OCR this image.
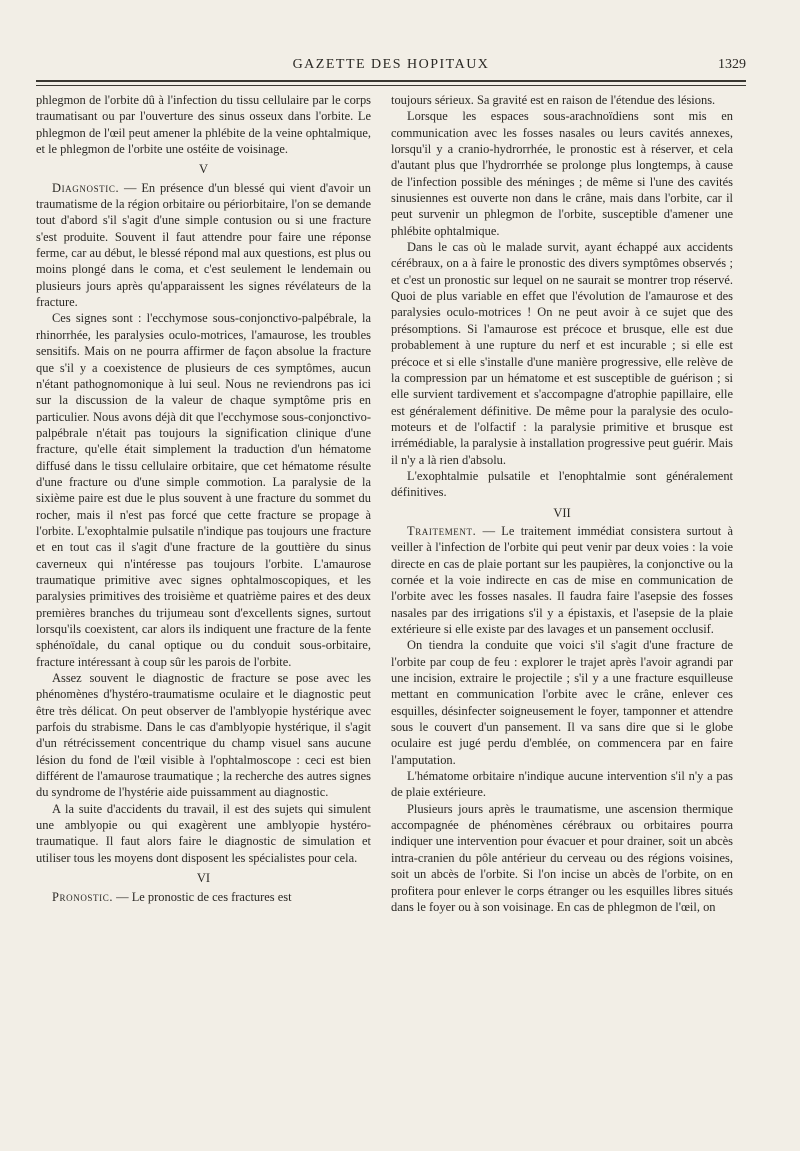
GAZETTE DES HOPITAUX	1329

phlegmon de l'orbite dû à l'infection du tissu cellulaire par le corps traumatisant ou par l'ouverture des sinus osseux dans l'orbite. Le phlegmon de l'œil peut amener la phlébite de la veine ophtalmique, et le phlegmon de l'orbite une ostéite de voisinage.

V

Diagnostic. — En présence d'un blessé qui vient d'avoir un traumatisme de la région orbitaire ou périorbitaire, l'on se demande tout d'abord s'il s'agit d'une simple contusion ou si une fracture s'est produite. Souvent il faut attendre pour faire une réponse ferme, car au début, le blessé répond mal aux questions, est plus ou moins plongé dans le coma, et c'est seulement le lendemain ou plusieurs jours après qu'apparaissent les signes révélateurs de la fracture.

Ces signes sont : l'ecchymose sous-conjonctivo-palpébrale, la rhinorrhée, les paralysies oculo-motrices, l'amaurose, les troubles sensitifs. Mais on ne pourra affirmer de façon absolue la fracture que s'il y a coexistence de plusieurs de ces symptômes, aucun n'étant pathognomonique à lui seul. Nous ne reviendrons pas ici sur la discussion de la valeur de chaque symptôme pris en particulier. Nous avons déjà dit que l'ecchymose sous-conjonctivo-palpébrale n'était pas toujours la signification clinique d'une fracture, qu'elle était simplement la traduction d'un hématome diffusé dans le tissu cellulaire orbitaire, que cet hématome résulte d'une fracture ou d'une simple commotion. La paralysie de la sixième paire est due le plus souvent à une fracture du sommet du rocher, mais il n'est pas forcé que cette fracture se propage à l'orbite. L'exophtalmie pulsatile n'indique pas toujours une fracture et en tout cas il s'agit d'une fracture de la gouttière du sinus caverneux qui n'intéresse pas toujours l'orbite. L'amaurose traumatique primitive avec signes ophtalmoscopiques, et les paralysies primitives des troisième et quatrième paires et des deux premières branches du trijumeau sont d'excellents signes, surtout lorsqu'ils coexistent, car alors ils indiquent une fracture de la fente sphénoïdale, du canal optique ou du conduit sous-orbitaire, fracture intéressant à coup sûr les parois de l'orbite.

Assez souvent le diagnostic de fracture se pose avec les phénomènes d'hystéro-traumatisme oculaire et le diagnostic peut être très délicat. On peut observer de l'amblyopie hystérique avec parfois du strabisme. Dans le cas d'amblyopie hystérique, il s'agit d'un rétrécissement concentrique du champ visuel sans aucune lésion du fond de l'œil visible à l'ophtalmoscope : ceci est bien différent de l'amaurose traumatique ; la recherche des autres signes du syndrome de l'hystérie aide puissamment au diagnostic.

A la suite d'accidents du travail, il est des sujets qui simulent une amblyopie ou qui exagèrent une amblyopie hystéro-traumatique. Il faut alors faire le diagnostic de simulation et utiliser tous les moyens dont disposent les spécialistes pour cela.

VI

Pronostic. — Le pronostic de ces fractures est

toujours sérieux. Sa gravité est en raison de l'étendue des lésions.

Lorsque les espaces sous-arachnoïdiens sont mis en communication avec les fosses nasales ou leurs cavités annexes, lorsqu'il y a cranio-hydrorrhée, le pronostic est à réserver, et cela d'autant plus que l'hydrorrhée se prolonge plus longtemps, à cause de l'infection possible des méninges ; de même si l'une des cavités sinusiennes est ouverte non dans le crâne, mais dans l'orbite, car il peut survenir un phlegmon de l'orbite, susceptible d'amener une phlébite ophtalmique.

Dans le cas où le malade survit, ayant échappé aux accidents cérébraux, on a à faire le pronostic des divers symptômes observés ; et c'est un pronostic sur lequel on ne saurait se montrer trop réservé. Quoi de plus variable en effet que l'évolution de l'amaurose et des paralysies oculo-motrices ! On ne peut avoir à ce sujet que des présomptions. Si l'amaurose est précoce et brusque, elle est due probablement à une rupture du nerf et est incurable ; si elle est précoce et si elle s'installe d'une manière progressive, elle relève de la compression par un hématome et est susceptible de guérison ; si elle survient tardivement et s'accompagne d'atrophie papillaire, elle est généralement définitive. De même pour la paralysie des oculo-moteurs et de l'olfactif : la paralysie primitive et brusque est irrémédiable, la paralysie à installation progressive peut guérir. Mais il n'y a là rien d'absolu.

L'exophtalmie pulsatile et l'enophtalmie sont généralement définitives.

VII

Traitement. — Le traitement immédiat consistera surtout à veiller à l'infection de l'orbite qui peut venir par deux voies : la voie directe en cas de plaie portant sur les paupières, la conjonctive ou la cornée et la voie indirecte en cas de mise en communication de l'orbite avec les fosses nasales. Il faudra faire l'asepsie des fosses nasales par des irrigations s'il y a épistaxis, et l'asepsie de la plaie extérieure si elle existe par des lavages et un pansement occlusif.

On tiendra la conduite que voici s'il s'agit d'une fracture de l'orbite par coup de feu : explorer le trajet après l'avoir agrandi par une incision, extraire le projectile ; s'il y a une fracture esquilleuse mettant en communication l'orbite avec le crâne, enlever ces esquilles, désinfecter soigneusement le foyer, tamponner et attendre sous le couvert d'un pansement. Il va sans dire que si le globe oculaire est jugé perdu d'emblée, on commencera par en faire l'amputation.

L'hématome orbitaire n'indique aucune intervention s'il n'y a pas de plaie extérieure.

Plusieurs jours après le traumatisme, une ascension thermique accompagnée de phénomènes cérébraux ou orbitaires pourra indiquer une intervention pour évacuer et pour drainer, soit un abcès intra-cranien du pôle antérieur du cerveau ou des régions voisines, soit un abcès de l'orbite. Si l'on incise un abcès de l'orbite, on en profitera pour enlever le corps étranger ou les esquilles libres situés dans le foyer ou à son voisinage. En cas de phlegmon de l'œil, on
